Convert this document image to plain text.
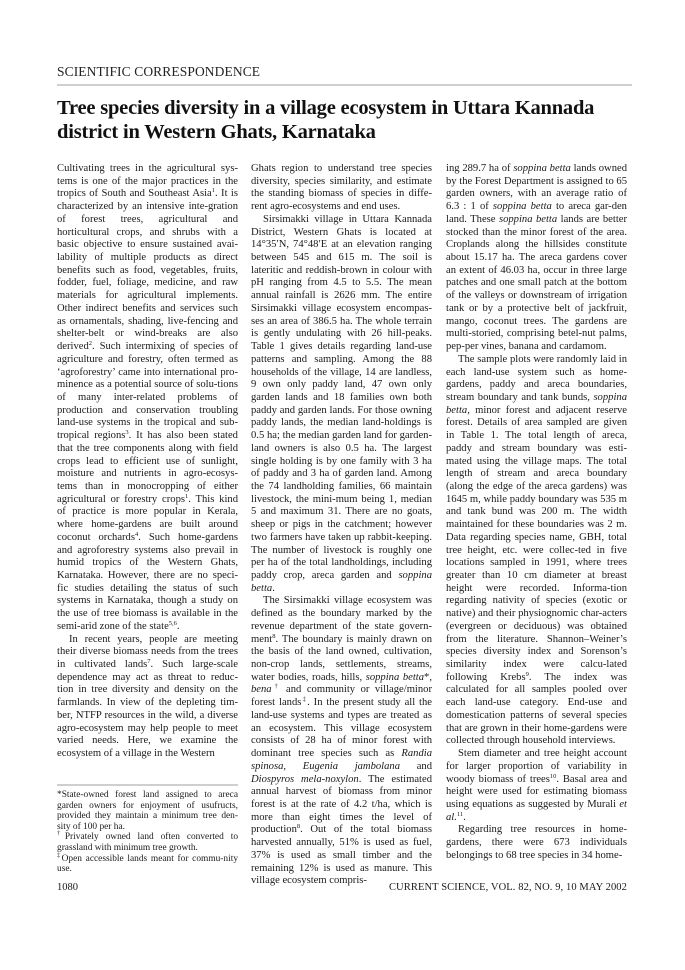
SCIENTIFIC CORRESPONDENCE
Tree species diversity in a village ecosystem in Uttara Kannada district in Western Ghats, Karnataka

Cultivating trees in the agricultural sys-tems is one of the major practices in the tropics of South and Southeast Asia$^1$. It is characterized by an intensive inte-gration of forest trees, agricultural and horticultural crops, and shrubs with a basic objective to ensure sustained avai-lability of multiple products as direct benefits such as food, vegetables, fruits, fodder, fuel, foliage, medicine, and raw materials for agricultural implements. Other indirect benefits and services such as ornamentals, shading, live-fencing and shelter-belt or wind-breaks are also derived$^2$. Such intermixing of species of agriculture and forestry, often termed as ‘agroforestry’ came into international pro-minence as a potential source of solu-tions of many inter-related problems of production and conservation troubling land-use systems in the tropical and sub-tropical regions$^3$. It has also been stated that the tree components along with field crops lead to efficient use of sunlight, moisture and nutrients in agro-ecosys-tems than in monocropping of either agricultural or forestry crops$^1$. This kind of practice is more popular in Kerala, where home-gardens are built around coconut orchards$^4$. Such home-gardens and agroforestry systems also prevail in humid tropics of the Western Ghats, Karnataka. However, there are no speci-fic studies detailing the status of such systems in Karnataka, though a study on the use of tree biomass is available in the semi-arid zone of the state$^{5,6}$.

In recent years, people are meeting their diverse biomass needs from the trees in cultivated lands$^7$. Such large-scale dependence may act as threat to reduc-tion in tree diversity and density on the farmlands. In view of the depleting tim-ber, NTFP resources in the wild, a diverse agro-ecosystem may help people to meet varied needs. Here, we examine the ecosystem of a village in the Western

Ghats region to understand tree species diversity, species similarity, and estimate the standing biomass of species in diffe-rent agro-ecosystems and end uses.

Sirsimakki village in Uttara Kannada District, Western Ghats is located at 14°35′N, 74°48′E at an elevation ranging between 545 and 615 m. The soil is lateritic and reddish-brown in colour with pH ranging from 4.5 to 5.5. The mean annual rainfall is 2626 mm. The entire Sirsimakki village ecosystem encompas-ses an area of 386.5 ha. The whole terrain is gently undulating with 26 hill-peaks. Table 1 gives details regarding land-use patterns and sampling. Among the 88 households of the village, 14 are landless, 9 own only paddy land, 47 own only garden lands and 18 families own both paddy and garden lands. For those owning paddy lands, the median land-holdings is 0.5 ha; the median garden land for garden-land owners is also 0.5 ha. The largest single holding is by one family with 3 ha of paddy and 3 ha of garden land. Among the 74 landholding families, 66 maintain livestock, the mini-mum being 1, median 5 and maximum 31. There are no goats, sheep or pigs in the catchment; however two farmers have taken up rabbit-keeping. The number of livestock is roughly one per ha of the total landholdings, including paddy crop, areca garden and soppina betta.

The Sirsimakki village ecosystem was defined as the boundary marked by the revenue department of the state govern-ment$^8$. The boundary is mainly drawn on the basis of the land owned, cultivation, non-crop lands, settlements, streams, water bodies, roads, hills, soppina betta*, bena† and community or village/minor forest lands‡. In the present study all the land-use systems and types are treated as an ecosystem. This village ecosystem consists of 28 ha of minor forest with dominant tree species such as Randia spinosa, Eugenia jambolana and Diospyros mela-noxylon. The estimated annual harvest of biomass from minor forest is at the rate of 4.2 t/ha, which is more than eight times the level of production$^8$. Out of the total biomass harvested annually, 51% is used as fuel, 37% is used as small timber and the remaining 12% is used as manure. This village ecosystem compris-

ing 289.7 ha of soppina betta lands owned by the Forest Department is assigned to 65 garden owners, with an average ratio of 6.3 : 1 of soppina betta to areca gar-den land. These soppina betta lands are better stocked than the minor forest of the area. Croplands along the hillsides constitute about 15.17 ha. The areca gardens cover an extent of 46.03 ha, occur in three large patches and one small patch at the bottom of the valleys or downstream of irrigation tank or by a protective belt of jackfruit, mango, coconut trees. The gardens are multi-storied, comprising betel-nut palms, pep-per vines, banana and cardamom.

The sample plots were randomly laid in each land-use system such as home-gardens, paddy and areca boundaries, stream boundary and tank bunds, soppina betta, minor forest and adjacent reserve forest. Details of area sampled are given in Table 1. The total length of areca, paddy and stream boundary was esti-mated using the village maps. The total length of stream and areca boundary (along the edge of the areca gardens) was 1645 m, while paddy boundary was 535 m and tank bund was 200 m. The width maintained for these boundaries was 2 m. Data regarding species name, GBH, total tree height, etc. were collec-ted in five locations sampled in 1991, where trees greater than 10 cm diameter at breast height were recorded. Informa-tion regarding nativity of species (exotic or native) and their physiognomic char-acters (evergreen or deciduous) was obtained from the literature. Shannon–Weiner’s species diversity index and Sorenson’s similarity index were calcu-lated following Krebs$^9$. The index was calculated for all samples pooled over each land-use category. End-use and domestication patterns of several species that are grown in their home-gardens were collected through household interviews.

Stem diameter and tree height account for larger proportion of variability in woody biomass of trees$^{10}$. Basal area and height were used for estimating biomass using equations as suggested by Murali et al.$^{11}$.

Regarding tree resources in home-gardens, there were 673 individuals belongings to 68 tree species in 34 home-

*State-owned forest land assigned to areca garden owners for enjoyment of usufructs, provided they maintain a minimum tree den-sity of 100 per ha.

†Privately owned land often converted to grassland with minimum tree growth.

‡Open accessible lands meant for commu-nity use.

1080	CURRENT SCIENCE, VOL. 82, NO. 9, 10 MAY 2002
